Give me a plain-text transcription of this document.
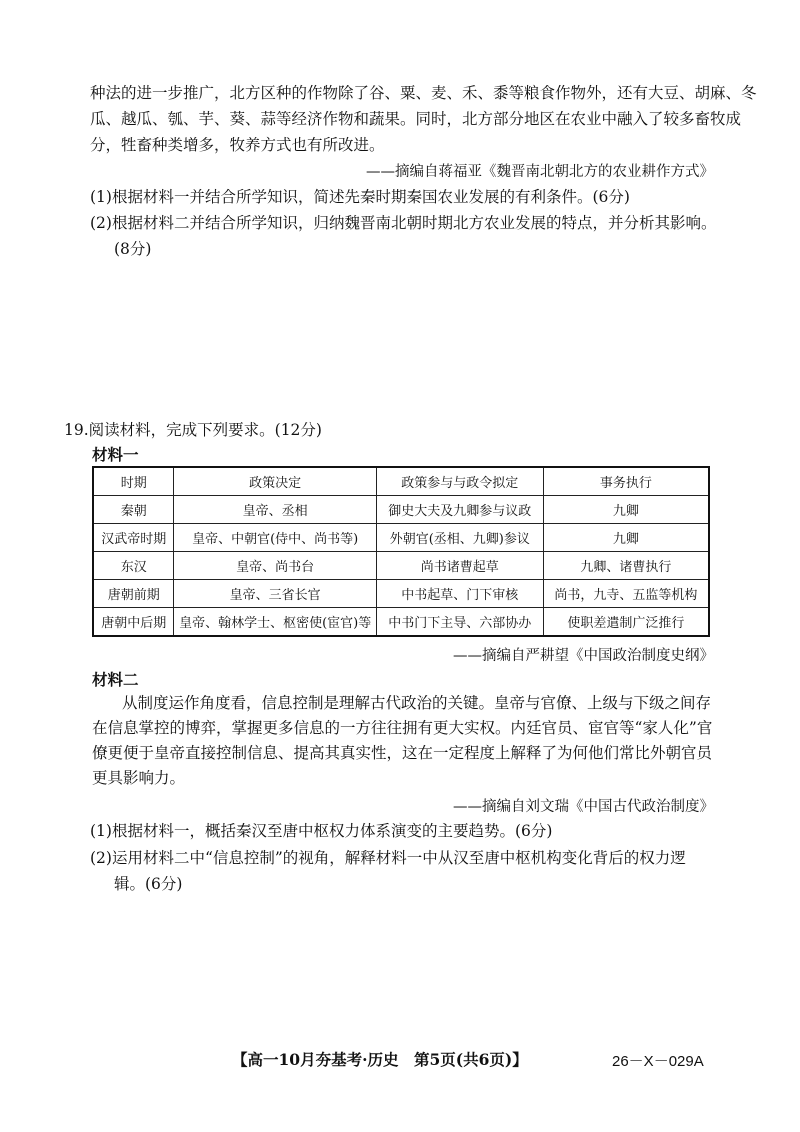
种法的进一步推广，北方区种的作物除了谷、粟、麦、禾、黍等粮食作物外，还有大豆、胡麻、冬
瓜、越瓜、瓠、芋、葵、蒜等经济作物和蔬果。同时，北方部分地区在农业中融入了较多畜牧成
分，牲畜种类增多，牧养方式也有所改进。
——摘编自蒋福亚《魏晋南北朝北方的农业耕作方式》
(1)根据材料一并结合所学知识，简述先秦时期秦国农业发展的有利条件。(6分)
(2)根据材料二并结合所学知识，归纳魏晋南北朝时期北方农业发展的特点，并分析其影响。
(8分)
19.阅读材料，完成下列要求。(12分)
材料一
时期	政策决定	政策参与与政令拟定	事务执行
秦朝	皇帝、丞相	御史大夫及九卿参与议政	九卿
汉武帝时期	皇帝、中朝官(侍中、尚书等)	外朝官(丞相、九卿)参议	九卿
东汉	皇帝、尚书台	尚书诸曹起草	九卿、诸曹执行
唐朝前期	皇帝、三省长官	中书起草、门下审核	尚书，九寺、五监等机构
唐朝中后期	皇帝、翰林学士、枢密使(宦官)等	中书门下主导、六部协办	使职差遣制广泛推行
——摘编自严耕望《中国政治制度史纲》
材料二
从制度运作角度看，信息控制是理解古代政治的关键。皇帝与官僚、上级与下级之间存
在信息掌控的博弈，掌握更多信息的一方往往拥有更大实权。内廷官员、宦官等“家人化”官
僚更便于皇帝直接控制信息、提高其真实性，这在一定程度上解释了为何他们常比外朝官员
更具影响力。
——摘编自刘文瑞《中国古代政治制度》
(1)根据材料一，概括秦汉至唐中枢权力体系演变的主要趋势。(6分)
(2)运用材料二中“信息控制”的视角，解释材料一中从汉至唐中枢机构变化背后的权力逻
辑。(6分)
【高一10月夯基考·历史　第5页(共6页)】	26－X－029A
